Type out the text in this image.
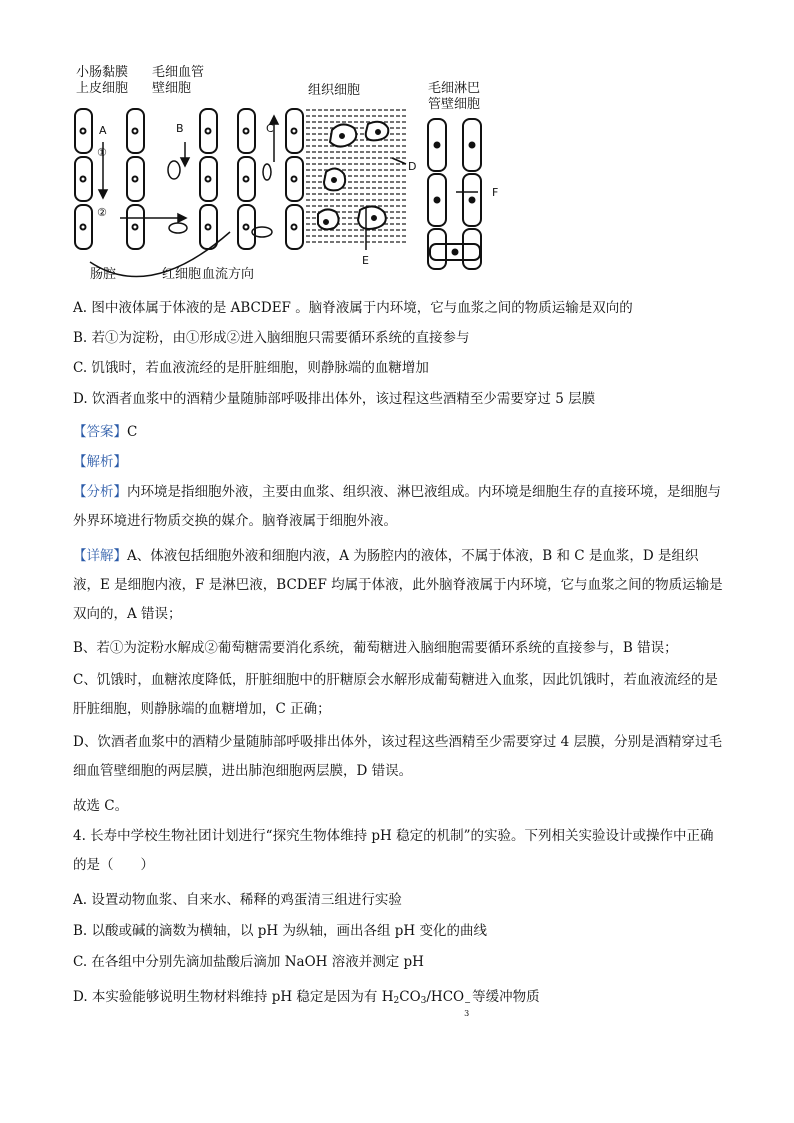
小肠黏膜
上皮细胞
毛细血管
壁细胞	组织细胞	毛细淋巴
管壁细胞
A
①
②
B	C
D
E
F
肠腔	红细胞 血流方向
A. 图中液体属于体液的是 ABCDEF 。脑脊液属于内环境，它与血浆之间的物质运输是双向的
B. 若①为淀粉，由①形成②进入脑细胞只需要循环系统的直接参与
C. 饥饿时，若血液流经的是肝脏细胞，则静脉端的血糖增加
D. 饮酒者血浆中的酒精少量随肺部呼吸排出体外，该过程这些酒精至少需要穿过 5 层膜
【答案】C
【解析】
【分析】内环境是指细胞外液，主要由血浆、组织液、淋巴液组成。内环境是细胞生存的直接环境，是细胞与外界环境进行物质交换的媒介。脑脊液属于细胞外液。
【详解】A、体液包括细胞外液和细胞内液，A 为肠腔内的液体，不属于体液，B 和 C 是血浆，D 是组织液，E 是细胞内液，F 是淋巴液，BCDEF 均属于体液，此外脑脊液属于内环境，它与血浆之间的物质运输是双向的，A 错误；
B、若①为淀粉水解成②葡萄糖需要消化系统，葡萄糖进入脑细胞需要循环系统的直接参与，B 错误；
C、饥饿时，血糖浓度降低，肝脏细胞中的肝糖原会水解形成葡萄糖进入血浆，因此饥饿时，若血液流经的是肝脏细胞，则静脉端的血糖增加，C 正确；
D、饮酒者血浆中的酒精少量随肺部呼吸排出体外，该过程这些酒精至少需要穿过 4 层膜，分别是酒精穿过毛细血管壁细胞的两层膜，进出肺泡细胞两层膜，D 错误。
故选 C。
4. 长寿中学校生物社团计划进行“探究生物体维持 pH 稳定的机制”的实验。下列相关实验设计或操作中正确的是（　　）
A. 设置动物血浆、自来水、稀释的鸡蛋清三组进行实验
B. 以酸或碱的滴数为横轴，以 pH 为纵轴，画出各组 pH 变化的曲线
C. 在各组中分别先滴加盐酸后滴加 NaOH 溶液并测定 pH
D. 本实验能够说明生物材料维持 pH 稳定是因为有 $H_2CO_3$/HCO −
3
等缓冲物质
